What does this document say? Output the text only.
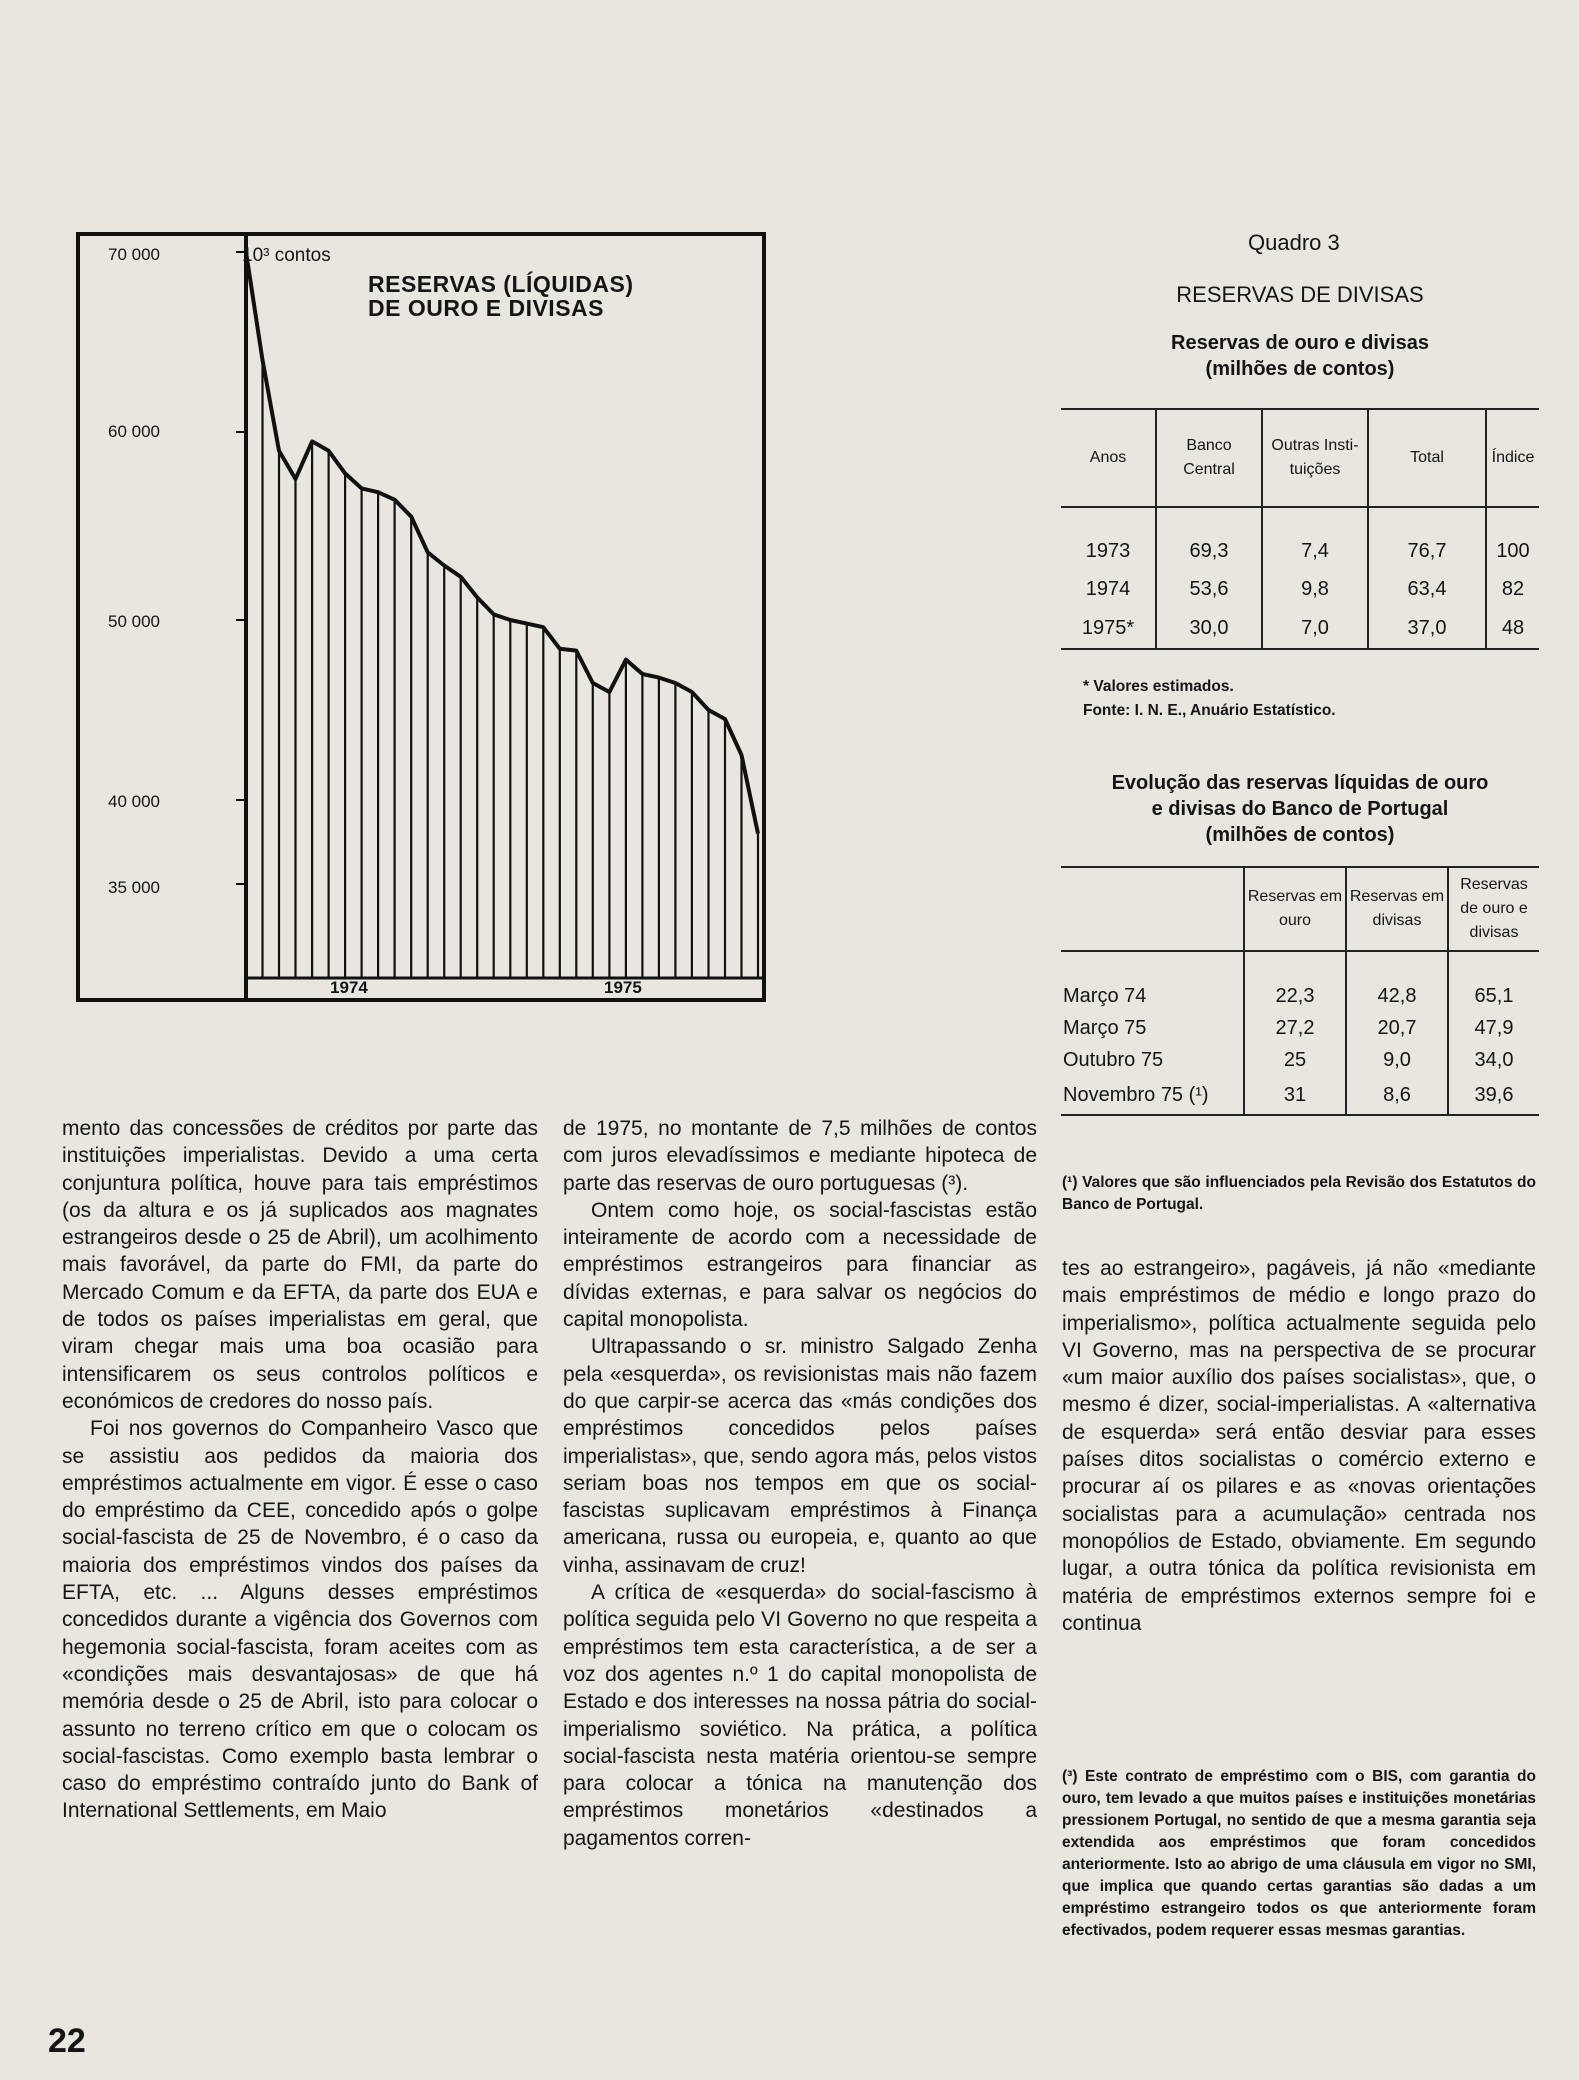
70 000
60 000
50 000
40 000
35 000
10³ contos
RESERVAS (LÍQUIDAS)
DE OURO E DIVISAS
1974	1975
Quadro 3
RESERVAS DE DIVISAS
Reservas de ouro e divisas
(milhões de contos)
Anos	Banco Central	Outras Insti-tuições	Total	Índice

1973	69,3	7,4	76,7	100
1974	53,6	9,8	63,4	82
1975*	30,0	7,0	37,0	48
* Valores estimados.
Fonte: I. N. E., Anuário Estatístico.
Evolução das reservas líquidas de ouro
e divisas do Banco de Portugal
(milhões de contos)
	Reservas em ouro	Reservas em divisas	Reservas de ouro e divisas

Março 74	22,3	42,8	65,1
Março 75	27,2	20,7	47,9
Outubro 75	25	9,0	34,0
Novembro 75 (¹)	31	8,6	39,6
(¹) Valores que são influenciados pela Revisão dos Estatutos do Banco de Portugal.

mento das concessões de créditos por parte das instituições imperialistas. Devido a uma certa conjuntura política, houve para tais empréstimos (os da altura e os já suplicados aos magnates estrangeiros desde o 25 de Abril), um acolhimento mais favorável, da parte do FMI, da parte do Mercado Comum e da EFTA, da parte dos EUA e de todos os países imperialistas em geral, que viram chegar mais uma boa ocasião para intensificarem os seus controlos políticos e económicos de credores do nosso país.

Foi nos governos do Companheiro Vasco que se assistiu aos pedidos da maioria dos empréstimos actualmente em vigor. É esse o caso do empréstimo da CEE, concedido após o golpe social-fascista de 25 de Novembro, é o caso da maioria dos empréstimos vindos dos países da EFTA, etc. ... Alguns desses empréstimos concedidos durante a vigência dos Governos com hegemonia social-fascista, foram aceites com as «condições mais desvantajosas» de que há memória desde o 25 de Abril, isto para colocar o assunto no terreno crítico em que o colocam os social-fascistas. Como exemplo basta lembrar o caso do empréstimo contraído junto do Bank of International Settlements, em Maio

de 1975, no montante de 7,5 milhões de contos com juros elevadíssimos e mediante hipoteca de parte das reservas de ouro portuguesas (³).

Ontem como hoje, os social-fascistas estão inteiramente de acordo com a necessidade de empréstimos estrangeiros para financiar as dívidas externas, e para salvar os negócios do capital monopolista.

Ultrapassando o sr. ministro Salgado Zenha pela «esquerda», os revisionistas mais não fazem do que carpir-se acerca das «más condições dos empréstimos concedidos pelos países imperialistas», que, sendo agora más, pelos vistos seriam boas nos tempos em que os social-fascistas suplicavam empréstimos à Finança americana, russa ou europeia, e, quanto ao que vinha, assinavam de cruz!

A crítica de «esquerda» do social-fascismo à política seguida pelo VI Governo no que respeita a empréstimos tem esta característica, a de ser a voz dos agentes n.º 1 do capital monopolista de Estado e dos interesses na nossa pátria do social-imperialismo soviético. Na prática, a política social-fascista nesta matéria orientou-se sempre para colocar a tónica na manutenção dos empréstimos monetários «destinados a pagamentos corren-

tes ao estrangeiro», pagáveis, já não «mediante mais empréstimos de médio e longo prazo do imperialismo», política actualmente seguida pelo VI Governo, mas na perspectiva de se procurar «um maior auxílio dos países socialistas», que, o mesmo é dizer, social-imperialistas. A «alternativa de esquerda» será então desviar para esses países ditos socialistas o comércio externo e procurar aí os pilares e as «novas orientações socialistas para a acumulação» centrada nos monopólios de Estado, obviamente. Em segundo lugar, a outra tónica da política revisionista em matéria de empréstimos externos sempre foi e continua

(³) Este contrato de empréstimo com o BIS, com garantia do ouro, tem levado a que muitos países e instituições monetárias pressionem Portugal, no sentido de que a mesma garantia seja extendida aos empréstimos que foram concedidos anteriormente. Isto ao abrigo de uma cláusula em vigor no SMI, que implica que quando certas garantias são dadas a um empréstimo estrangeiro todos os que anteriormente foram efectivados, podem requerer essas mesmas garantias.
22
